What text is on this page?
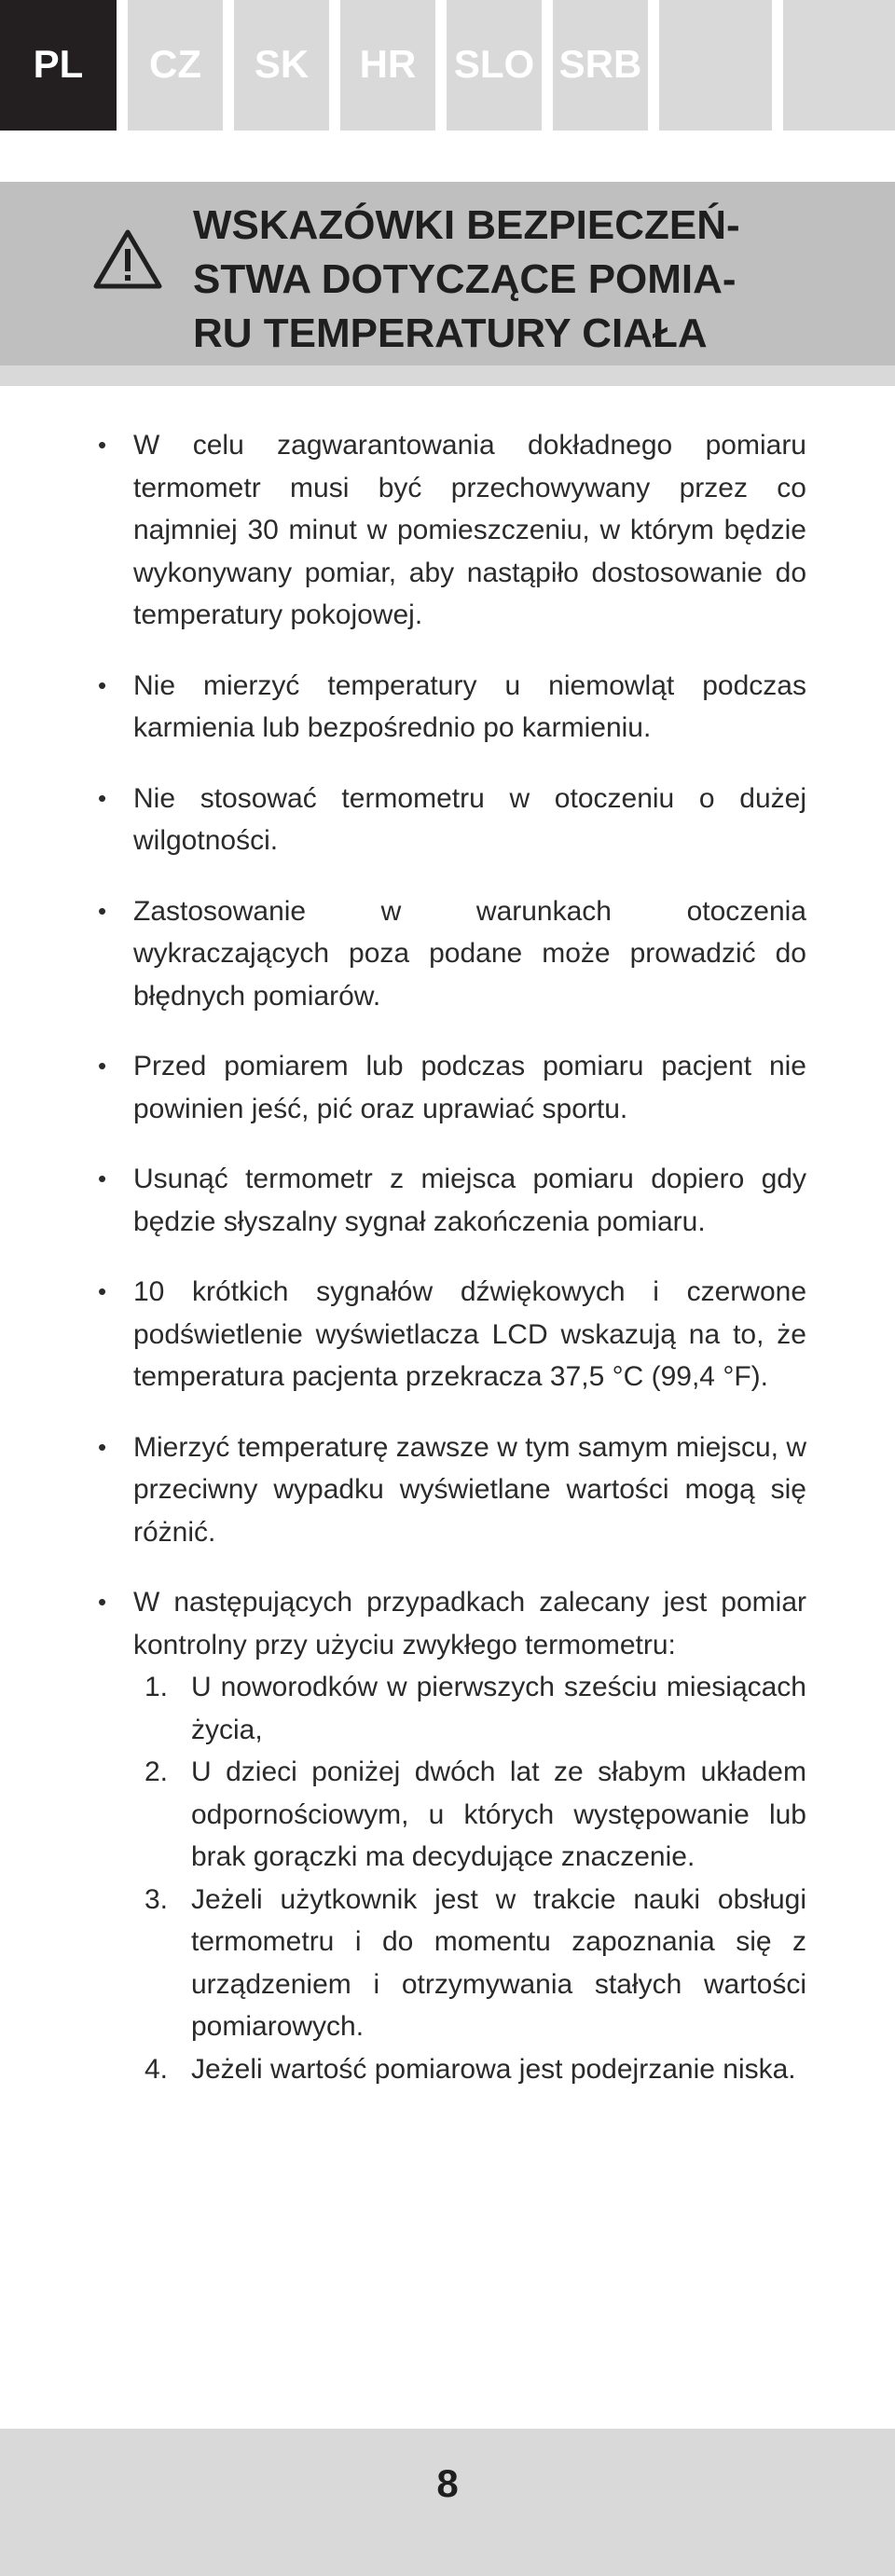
PL CZ SK HR SLO SRB
WSKAZÓWKI BEZPIECZEŃ-
STWA DOTYCZĄCE POMIA-
RU TEMPERATURY CIAŁA
• W celu zagwarantowania dokładnego pomiaru termometr musi być przechowywany przez co najmniej 30 minut w pomieszczeniu, w którym będzie wykonywany pomiar, aby nastąpiło dostosowanie do temperatury pokojowej.
• Nie mierzyć temperatury u niemowląt podczas karmienia lub bezpośrednio po karmieniu.
• Nie stosować termometru w otoczeniu o dużej wilgotności.
• Zastosowanie w warunkach otoczenia wykraczających poza podane może prowadzić do błędnych pomiarów.
• Przed pomiarem lub podczas pomiaru pacjent nie powinien jeść, pić oraz uprawiać sportu.
• Usunąć termometr z miejsca pomiaru dopiero gdy będzie słyszalny sygnał zakończenia pomiaru.
• 10 krótkich sygnałów dźwiękowych i czerwone podświetlenie wyświetlacza LCD wskazują na to, że temperatura pacjenta przekracza 37,5 °C (99,4 °F).
• Mierzyć temperaturę zawsze w tym samym miejscu, w przeciwny wypadku wyświetlane wartości mogą się różnić.
• W następujących przypadkach zalecany jest pomiar kontrolny przy użyciu zwykłego termometru:
1. U noworodków w pierwszych sześciu miesiącach życia,
2. U dzieci poniżej dwóch lat ze słabym układem odpornościowym, u których występowanie lub brak gorączki ma decydujące znaczenie.
3. Jeżeli użytkownik jest w trakcie nauki obsługi termometru i do momentu zapoznania się z urządzeniem i otrzymywania stałych wartości pomiarowych.
4. Jeżeli wartość pomiarowa jest podejrzanie niska.
8
